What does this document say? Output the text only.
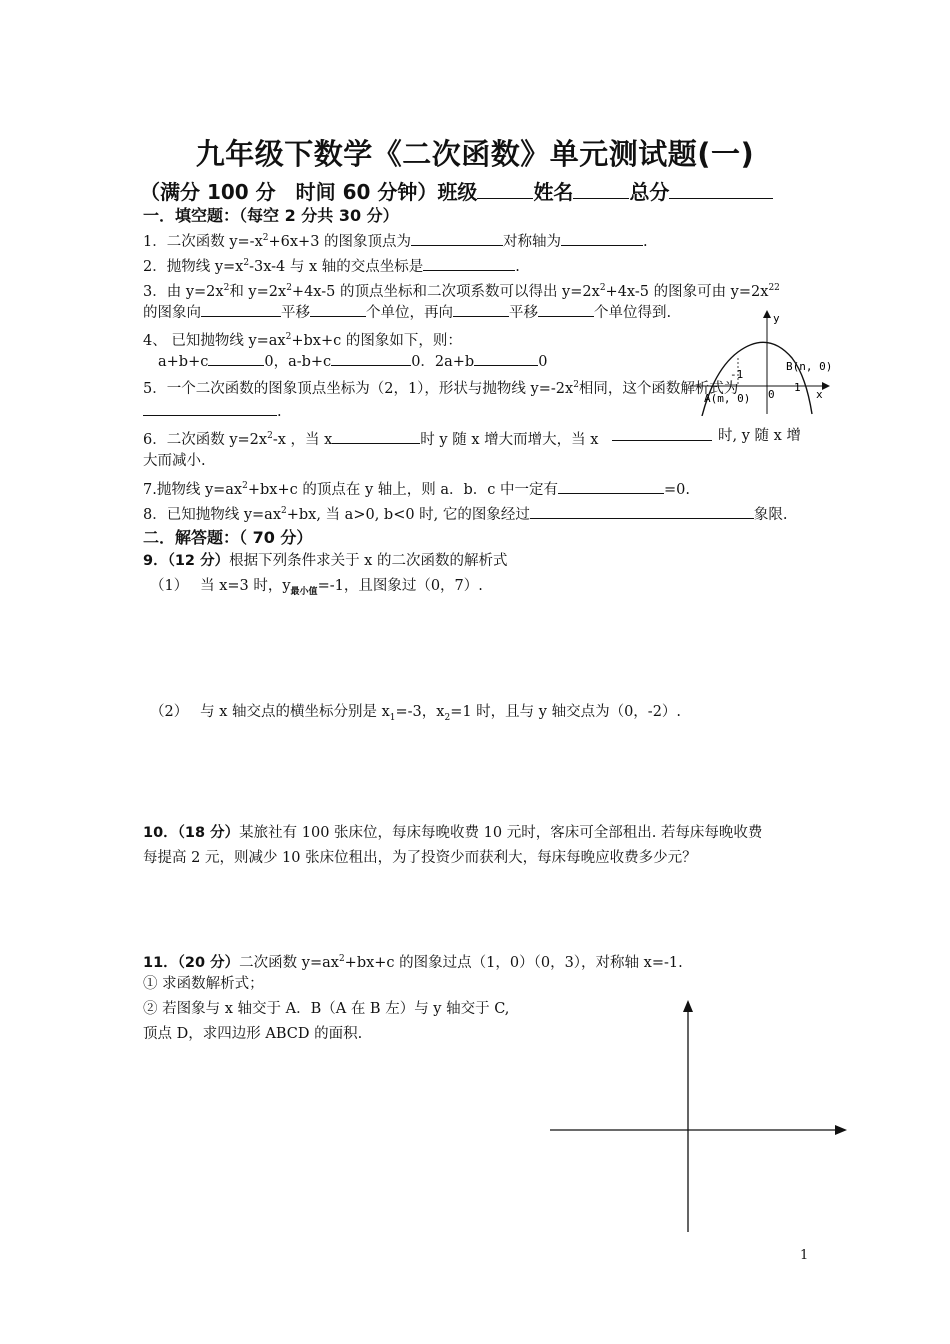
九年级下数学《二次函数》单元测试题(一)
（满分 100 分　时间 60 分钟）班级	姓名	总分
一．填空题：（每空 2 分共 30 分）
1．二次函数 $y=-x^2+6x+3$ 的图象顶点为	对称轴为	.
2．抛物线 $y=x^2-3x-4$ 与 x 轴的交点坐标是	.
3．由 $y=2x^2$和 $y=2x^2+4x-5$ 的顶点坐标和二次项系数可以得出 $y=2x^2+4x-5$ 的图象可由 $y=2x^{22}$
的图象向	平移	个单位，再向	平移	个单位得到.
4、 已知抛物线 $y=ax^2+bx+c$ 的图象如下，则：
a+b+c	0，a-b+c	0．2a+b	0
y
x
-1
0
1
B(n, 0)
A(m, 0)
5．一个二次函数的图象顶点坐标为（2，1），形状与抛物线 $y=-2x^2$相同，这个函数解析式为
.
6．二次函数 $y=2x^2-x$ ，当 x	时 y 随 x 增大而增大，当 x	时, y 随 x 增
大而减小.
7.抛物线 $y=ax^2+bx+c$ 的顶点在 y 轴上，则 a．b．c 中一定有	=0.
8．已知抛物线 $y=ax^2+bx$, 当 a>0, b<0 时, 它的图象经过	象限.
二．解答题：（ 70 分）
9．（12 分）根据下列条件求关于 x 的二次函数的解析式
（1）　 当 x=3 时，$y_{最小值}=-1$，且图象过（0，7）.
（2）　 与 x 轴交点的横坐标分别是 $x_1=-3$，$x_2=1$ 时，且与 y 轴交点为（0，-2）.
10．（18 分）某旅社有 100 张床位，每床每晚收费 10 元时，客床可全部租出. 若每床每晚收费
每提高 2 元，则减少 10 张床位租出，为了投资少而获利大，每床每晚应收费多少元？
11．（20 分）二次函数 $y=ax^2+bx+c$ 的图象过点（1，0）（0，3），对称轴 x=-1.
① 求函数解析式；
② 若图象与 x 轴交于 A．B（A 在 B 左）与 y 轴交于 C,
顶点 D，求四边形 ABCD 的面积.
1
